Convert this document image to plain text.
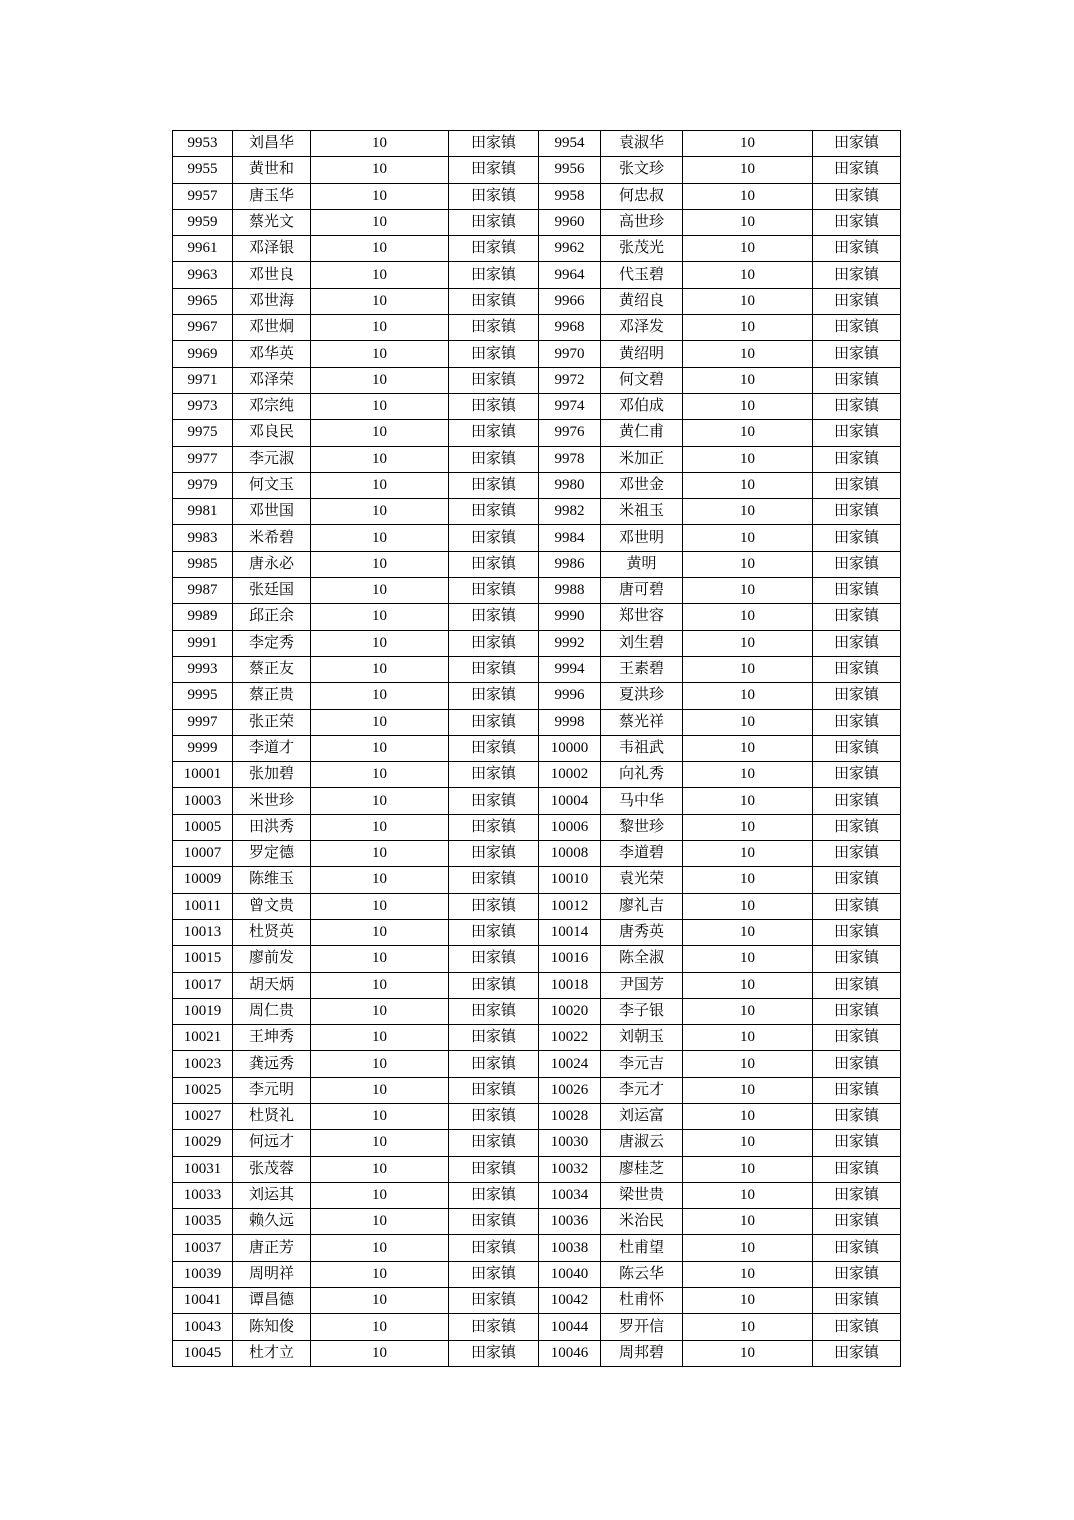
9953	刘昌华	10	田家镇	9954	袁淑华	10	田家镇
9955	黄世和	10	田家镇	9956	张文珍	10	田家镇
9957	唐玉华	10	田家镇	9958	何忠叔	10	田家镇
9959	蔡光文	10	田家镇	9960	高世珍	10	田家镇
9961	邓泽银	10	田家镇	9962	张茂光	10	田家镇
9963	邓世良	10	田家镇	9964	代玉碧	10	田家镇
9965	邓世海	10	田家镇	9966	黄绍良	10	田家镇
9967	邓世炯	10	田家镇	9968	邓泽发	10	田家镇
9969	邓华英	10	田家镇	9970	黄绍明	10	田家镇
9971	邓泽荣	10	田家镇	9972	何文碧	10	田家镇
9973	邓宗纯	10	田家镇	9974	邓伯成	10	田家镇
9975	邓良民	10	田家镇	9976	黄仁甫	10	田家镇
9977	李元淑	10	田家镇	9978	米加正	10	田家镇
9979	何文玉	10	田家镇	9980	邓世金	10	田家镇
9981	邓世国	10	田家镇	9982	米祖玉	10	田家镇
9983	米希碧	10	田家镇	9984	邓世明	10	田家镇
9985	唐永必	10	田家镇	9986	黄明	10	田家镇
9987	张廷国	10	田家镇	9988	唐可碧	10	田家镇
9989	邱正余	10	田家镇	9990	郑世容	10	田家镇
9991	李定秀	10	田家镇	9992	刘生碧	10	田家镇
9993	蔡正友	10	田家镇	9994	王素碧	10	田家镇
9995	蔡正贵	10	田家镇	9996	夏洪珍	10	田家镇
9997	张正荣	10	田家镇	9998	蔡光祥	10	田家镇
9999	李道才	10	田家镇	10000	韦祖武	10	田家镇
10001	张加碧	10	田家镇	10002	向礼秀	10	田家镇
10003	米世珍	10	田家镇	10004	马中华	10	田家镇
10005	田洪秀	10	田家镇	10006	黎世珍	10	田家镇
10007	罗定德	10	田家镇	10008	李道碧	10	田家镇
10009	陈维玉	10	田家镇	10010	袁光荣	10	田家镇
10011	曾文贵	10	田家镇	10012	廖礼吉	10	田家镇
10013	杜贤英	10	田家镇	10014	唐秀英	10	田家镇
10015	廖前发	10	田家镇	10016	陈全淑	10	田家镇
10017	胡天炳	10	田家镇	10018	尹国芳	10	田家镇
10019	周仁贵	10	田家镇	10020	李子银	10	田家镇
10021	王坤秀	10	田家镇	10022	刘朝玉	10	田家镇
10023	龚远秀	10	田家镇	10024	李元吉	10	田家镇
10025	李元明	10	田家镇	10026	李元才	10	田家镇
10027	杜贤礼	10	田家镇	10028	刘运富	10	田家镇
10029	何远才	10	田家镇	10030	唐淑云	10	田家镇
10031	张茂蓉	10	田家镇	10032	廖桂芝	10	田家镇
10033	刘运其	10	田家镇	10034	梁世贵	10	田家镇
10035	赖久远	10	田家镇	10036	米治民	10	田家镇
10037	唐正芳	10	田家镇	10038	杜甫望	10	田家镇
10039	周明祥	10	田家镇	10040	陈云华	10	田家镇
10041	谭昌德	10	田家镇	10042	杜甫怀	10	田家镇
10043	陈知俊	10	田家镇	10044	罗开信	10	田家镇
10045	杜才立	10	田家镇	10046	周邦碧	10	田家镇
